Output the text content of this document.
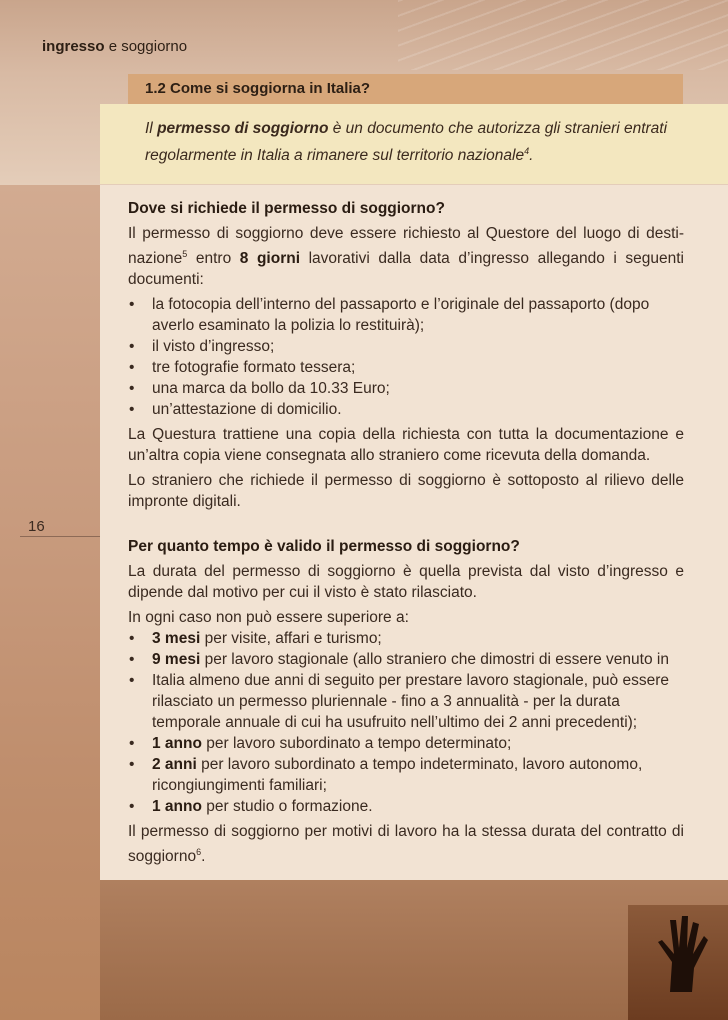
ingresso e soggiorno
1.2 Come si soggiorna in Italia?
Il permesso di soggiorno è un documento che autorizza gli stranieri entrati regolarmente in Italia a rimanere sul territorio nazionale$^4$.
16
Dove si richiede il permesso di soggiorno?

Il permesso di soggiorno deve essere richiesto al Questore del luogo di desti-nazione$^5$ entro 8 giorni lavorativi dalla data d’ingresso allegando i seguenti documenti:

• la fotocopia dell’interno del passaporto e l’originale del passaporto (dopo averlo esaminato la polizia lo restituirà);
• il visto d’ingresso;
• tre fotografie formato tessera;
• una marca da bollo da 10.33 Euro;
• un’attestazione di domicilio.

La Questura trattiene una copia della richiesta con tutta la documentazione e un’altra copia viene consegnata allo straniero come ricevuta della domanda.

Lo straniero che richiede il permesso di soggiorno è sottoposto al rilievo delle impronte digitali.

Per quanto tempo è valido il permesso di soggiorno?

La durata del permesso di soggiorno è quella prevista dal visto d’ingresso e dipende dal motivo per cui il visto è stato rilasciato.

In ogni caso non può essere superiore a:

• 3 mesi per visite, affari e turismo;
• 9 mesi per lavoro stagionale (allo straniero che dimostri di essere venuto in
• Italia almeno due anni di seguito per prestare lavoro stagionale, può essere rilasciato un permesso pluriennale - fino a 3 annualità - per la durata temporale annuale di cui ha usufruito nell’ultimo dei 2 anni precedenti);
• 1 anno per lavoro subordinato a tempo determinato;
• 2 anni per lavoro subordinato a tempo indeterminato, lavoro autonomo, ricongiungimenti familiari;
• 1 anno per studio o formazione.

Il permesso di soggiorno per motivi di lavoro ha la stessa durata del contratto di soggiorno$^6$.
